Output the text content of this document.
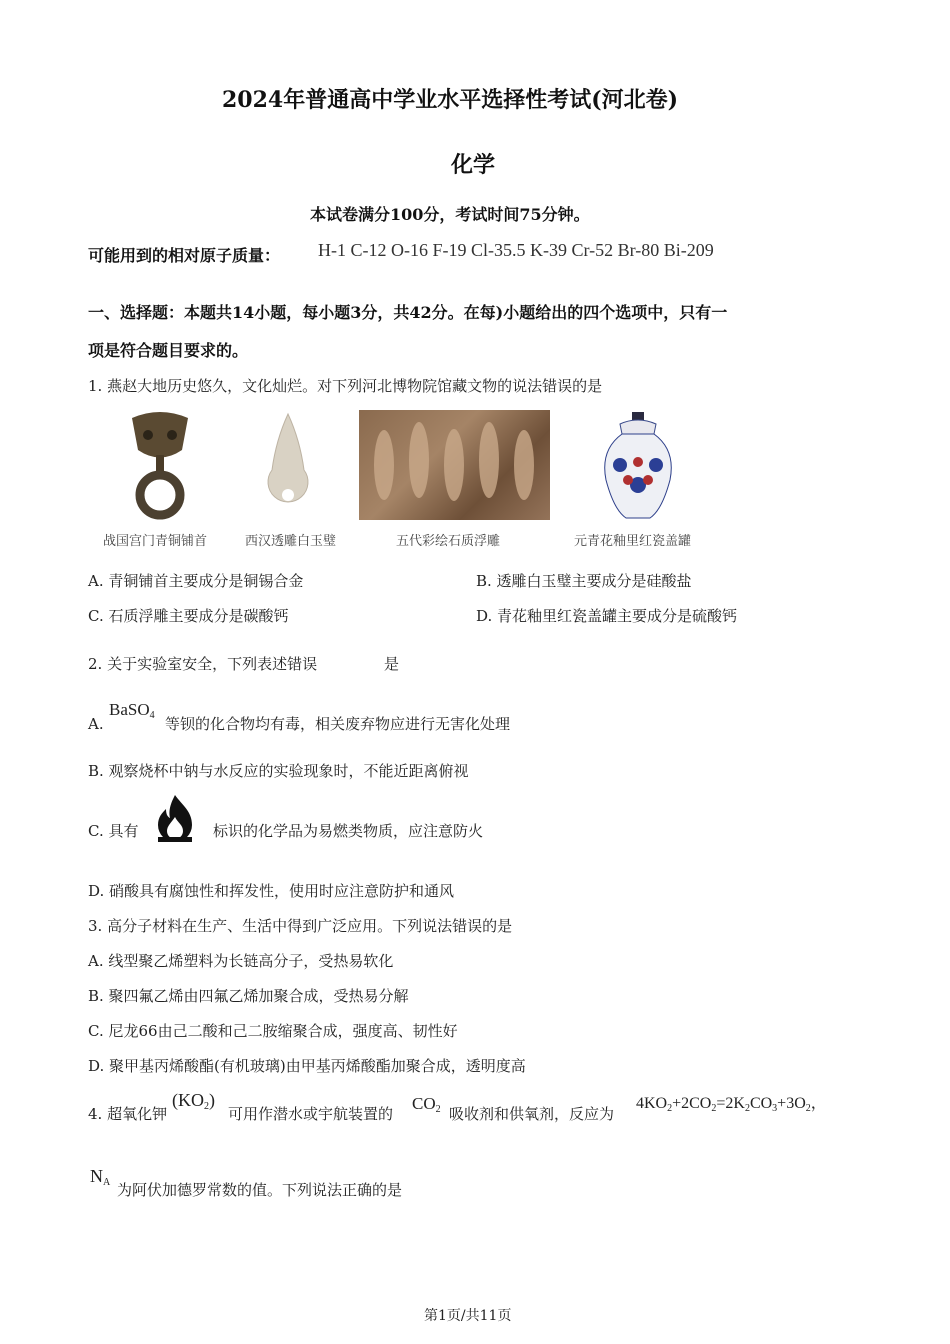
2024年普通高中学业水平选择性考试(河北卷)
化学
本试卷满分100分，考试时间75分钟。
可能用到的相对原子质量： H-1 C-12 O-16 F-19 Cl-35.5 K-39 Cr-52 Br-80 Bi-209
一、选择题：本题共14小题，每小题3分，共42分。在每)小题给出的四个选项中，只有一
项是符合题目要求的。
1. 燕赵大地历史悠久，文化灿烂。对下列河北博物院馆藏文物的说法错误的是
战国宫门青铜铺首	西汉透雕白玉璧	五代彩绘石质浮雕	元青花釉里红瓷盖罐
A. 青铜铺首主要成分是铜锡合金	B. 透雕白玉璧主要成分是硅酸盐
C. 石质浮雕主要成分是碳酸钙	D. 青花釉里红瓷盖罐主要成分是硫酸钙
2. 关于实验室安全，下列表述错误	是
A.
BaSO$_4$ 等钡的化合物均有毒，相关废弃物应进行无害化处理
B. 观察烧杯中钠与水反应的实验现象时，不能近距离俯视
C. 具有	标识的化学品为易燃类物质，应注意防火
D. 硝酸具有腐蚀性和挥发性，使用时应注意防护和通风
3. 高分子材料在生产、生活中得到广泛应用。下列说法错误的是
A. 线型聚乙烯塑料为长链高分子，受热易软化
B. 聚四氟乙烯由四氟乙烯加聚合成，受热易分解
C. 尼龙66由己二酸和己二胺缩聚合成，强度高、韧性好
D. 聚甲基丙烯酸酯(有机玻璃)由甲基丙烯酸酯加聚合成，透明度高
4. 超氧化钾
$(KO_2)$
可用作潜水或宇航装置的
$CO_2$ 吸收剂和供氧剂，反应为
$4KO_2+2CO_2=2K_2CO_3+3O_2$，
$N_A$ 为阿伏加德罗常数的值。下列说法正确的是
第1页/共11页
